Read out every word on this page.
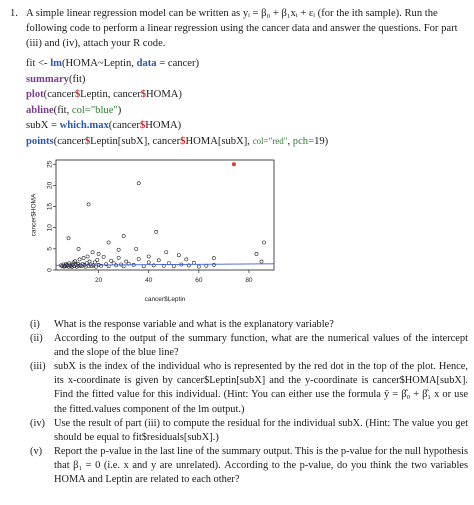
1. A simple linear regression model can be written as yᵢ = β₀ + β₁xᵢ + εᵢ (for the ith sample). Run the following code to perform a linear regression using the cancer data and answer the questions. For part (iii) and (iv), attach your R code.
fit <- lm(HOMA~Leptin, data = cancer)
summary(fit)
plot(cancer$Leptin, cancer$HOMA)
abline(fit, col="blue")
subX = which.max(cancer$HOMA)
points(cancer$Leptin[subX], cancer$HOMA[subX], col="red", pch=19)
20	40	60	80
0
5
10
15
20
25
cancer$Leptin
cancer$HOMA
(i) What is the response variable and what is the explanatory variable?
(ii) According to the output of the summary function, what are the numerical values of the intercept and the slope of the blue line?
(iii) subX is the index of the individual who is represented by the red dot in the top of the plot. Hence, its x-coordinate is given by cancer$Leptin[subX] and the y-coordinate is cancer$HOMA[subX]. Find the fitted value for this individual. (Hint: You can either use the formula ŷ = β̂₀ + β̂₁ x or use the fitted.values component of the lm output.)
(iv) Use the result of part (iii) to compute the residual for the individual subX. (Hint: The value you get should be equal to fit$residuals[subX].)
(v) Report the p-value in the last line of the summary output. This is the p-value for the null hypothesis that β₁ = 0 (i.e. x and y are unrelated). According to the p-value, do you think the two variables HOMA and Leptin are related to each other?
